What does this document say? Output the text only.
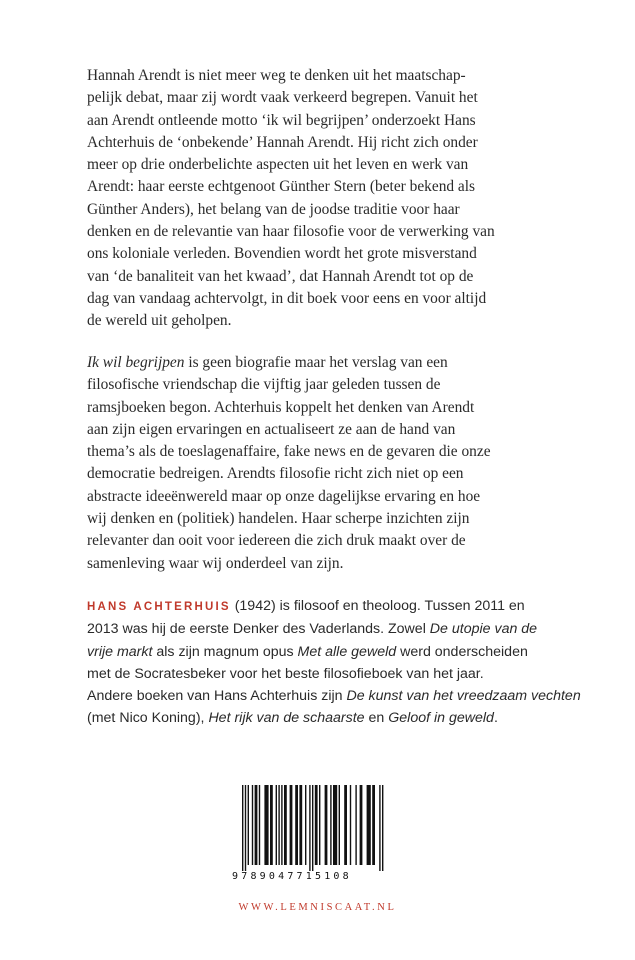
Hannah Arendt is niet meer weg te denken uit het maatschap-
pelijk debat, maar zij wordt vaak verkeerd begrepen. Vanuit het
aan Arendt ontleende motto ‘ik wil begrijpen’ onderzoekt Hans
Achterhuis de ‘onbekende’ Hannah Arendt. Hij richt zich onder
meer op drie onderbelichte aspecten uit het leven en werk van
Arendt: haar eerste echtgenoot Günther Stern (beter bekend als
Günther Anders), het belang van de joodse traditie voor haar
denken en de relevantie van haar filosofie voor de verwerking van
ons koloniale verleden. Bovendien wordt het grote misverstand
van ‘de banaliteit van het kwaad’, dat Hannah Arendt tot op de
dag van vandaag achtervolgt, in dit boek voor eens en voor altijd
de wereld uit geholpen.

Ik wil begrijpen is geen biografie maar het verslag van een
filosofische vriendschap die vijftig jaar geleden tussen de
ramsjboeken begon. Achterhuis koppelt het denken van Arendt
aan zijn eigen ervaringen en actualiseert ze aan de hand van
thema’s als de toeslagenaffaire, fake news en de gevaren die onze
democratie bedreigen. Arendts filosofie richt zich niet op een
abstracte ideeënwereld maar op onze dagelijkse ervaring en hoe
wij denken en (politiek) handelen. Haar scherpe inzichten zijn
relevanter dan ooit voor iedereen die zich druk maakt over de
samenleving waar wij onderdeel van zijn.

HANS ACHTERHUIS (1942) is filosoof en theoloog. Tussen 2011 en
2013 was hij de eerste Denker des Vaderlands. Zowel De utopie van de
vrije markt als zijn magnum opus Met alle geweld werd onderscheiden
met de Socratesbeker voor het beste filosofieboek van het jaar.
Andere boeken van Hans Achterhuis zijn De kunst van het vreedzaam vechten
(met Nico Koning), Het rijk van de schaarste en Geloof in geweld.
9789047715108
WWW.LEMNISCAAT.NL
